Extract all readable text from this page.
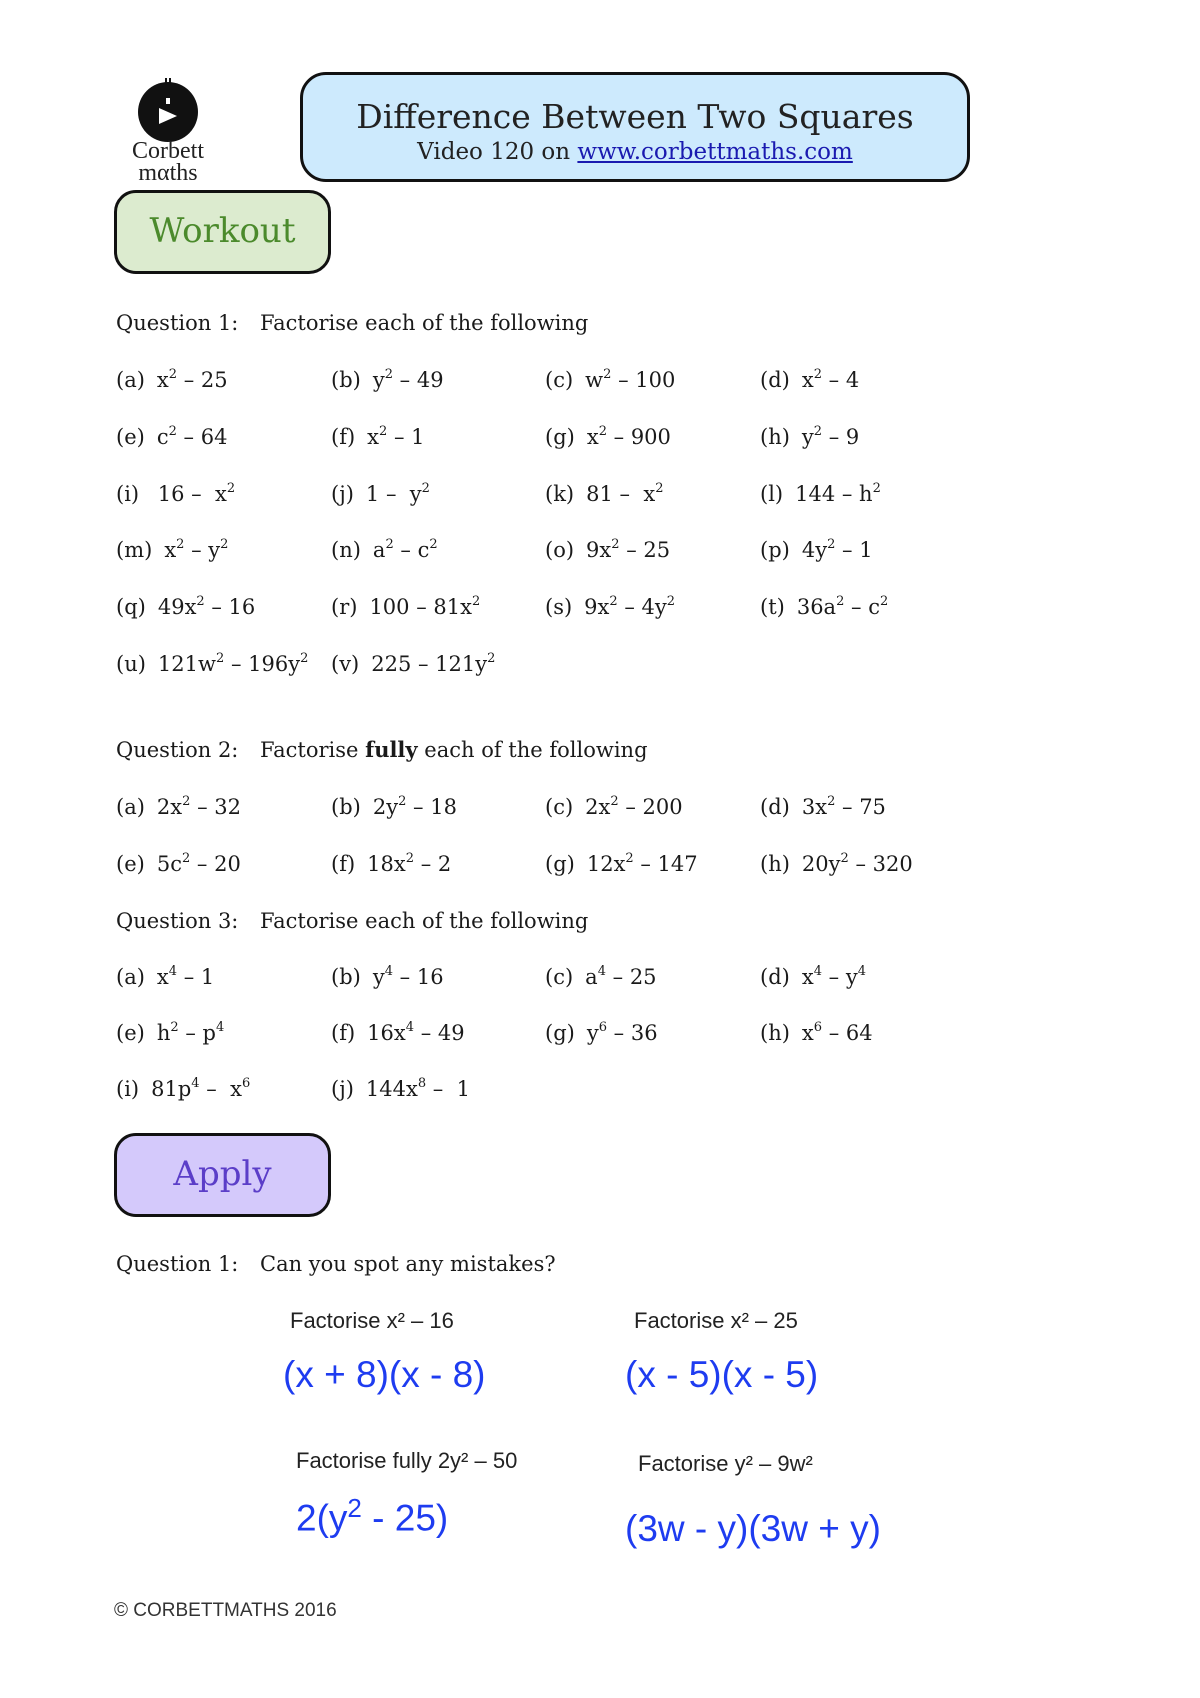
Corbett
mαths
Difference Between Two Squares
Video 120 on www.corbettmaths.com
Workout
Question 1: Factorise each of the following
(a) $x^2 - 25$	(b) $y^2 - 49$	(c) $w^2 - 100$	(d) $x^2 - 4$
(e) $c^2 - 64$	(f) $x^2 - 1$	(g) $x^2 - 900$	(h) $y^2 - 9$
(i) $16 - x^2$	(j) $1 - y^2$	(k) $81 - x^2$	(l) $144 - h^2$
(m) $x^2 - y^2$	(n) $a^2 - c^2$	(o) $9x^2 - 25$	(p) $4y^2 - 1$
(q) $49x^2 - 16$	(r) $100 - 81x^2$	(s) $9x^2 - 4y^2$	(t) $36a^2 - c^2$
(u) $121w^2 - 196y^2$ (v) $225 - 121y^2$
Question 2: Factorise fully each of the following
(a) $2x^2 - 32$	(b) $2y^2 - 18$	(c) $2x^2 - 200$	(d) $3x^2 - 75$
(e) $5c^2 - 20$	(f) $18x^2 - 2$	(g) $12x^2 - 147$	(h) $20y^2 - 320$
Question 3: Factorise each of the following
(a) $x^4 - 1$	(b) $y^4 - 16$	(c) $a^4 - 25$	(d) $x^4 - y^4$
(e) $h^2 - p^4$	(f) $16x^4 - 49$	(g) $y^6 - 36$	(h) $x^6 - 64$
(i) $81p^4 - x^6$	(j) $144x^8 - 1$
Apply
Question 1: Can you spot any mistakes?
Factorise x² – 16
(x + 8)(x - 8)
Factorise x² – 25
(x - 5)(x - 5)
Factorise fully 2y² – 50
$2(y^2 - 25)$
Factorise y² – 9w²
(3w - y)(3w + y)
© CORBETTMATHS 2016
